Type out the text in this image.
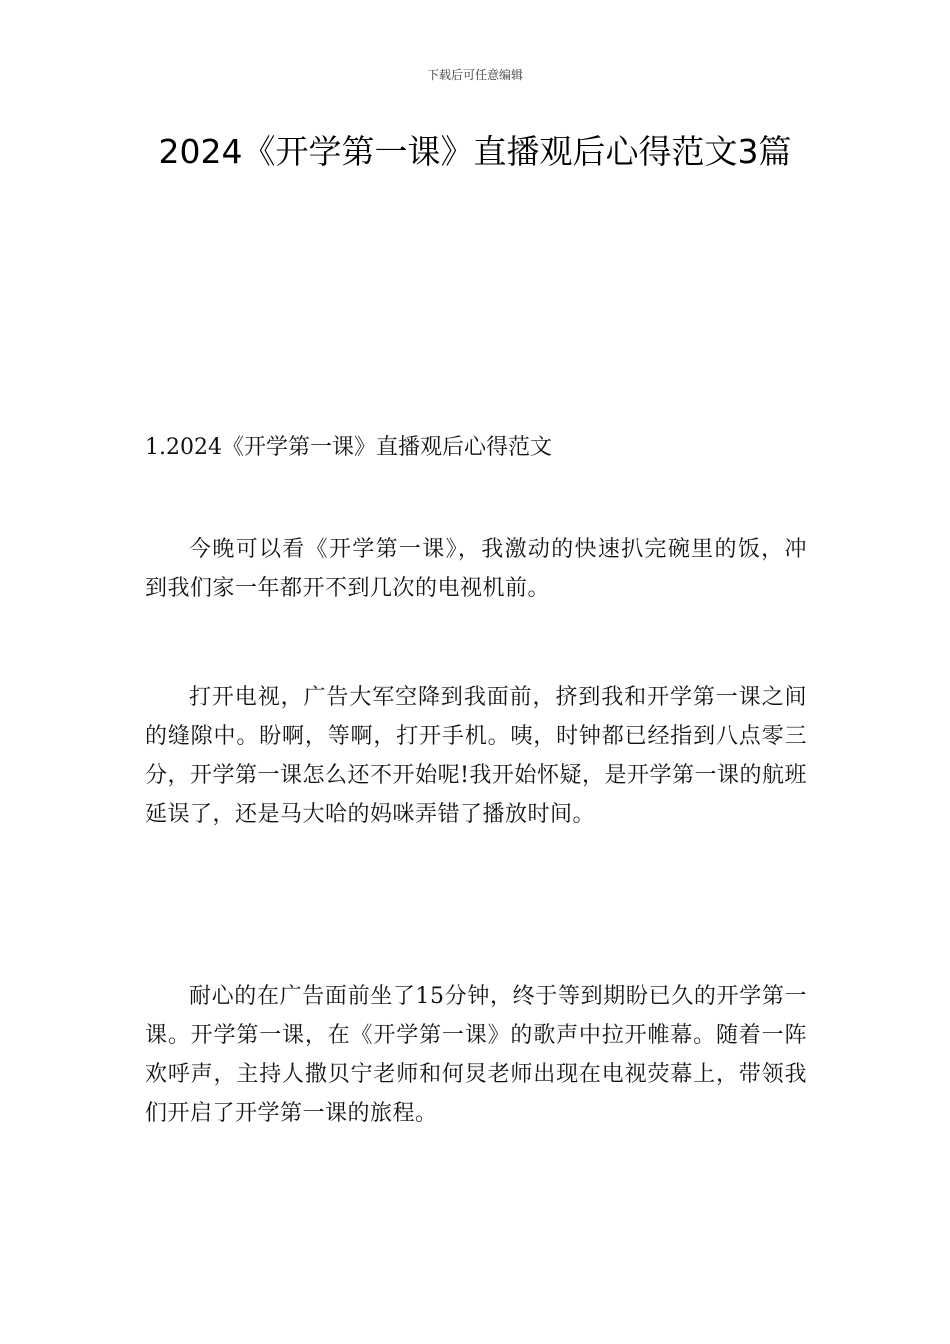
下载后可任意编辑
2024《开学第一课》直播观后心得范文3篇
1.2024《开学第一课》直播观后心得范文

今晚可以看《开学第一课》，我激动的快速扒完碗里的饭，冲到我们家一年都开不到几次的电视机前。

打开电视，广告大军空降到我面前，挤到我和开学第一课之间的缝隙中。盼啊，等啊，打开手机。咦，时钟都已经指到八点零三分，开学第一课怎么还不开始呢!我开始怀疑，是开学第一课的航班延误了，还是马大哈的妈咪弄错了播放时间。

耐心的在广告面前坐了15分钟，终于等到期盼已久的开学第一课。开学第一课，在《开学第一课》的歌声中拉开帷幕。随着一阵欢呼声，主持人撒贝宁老师和何炅老师出现在电视荧幕上，带领我们开启了开学第一课的旅程。
